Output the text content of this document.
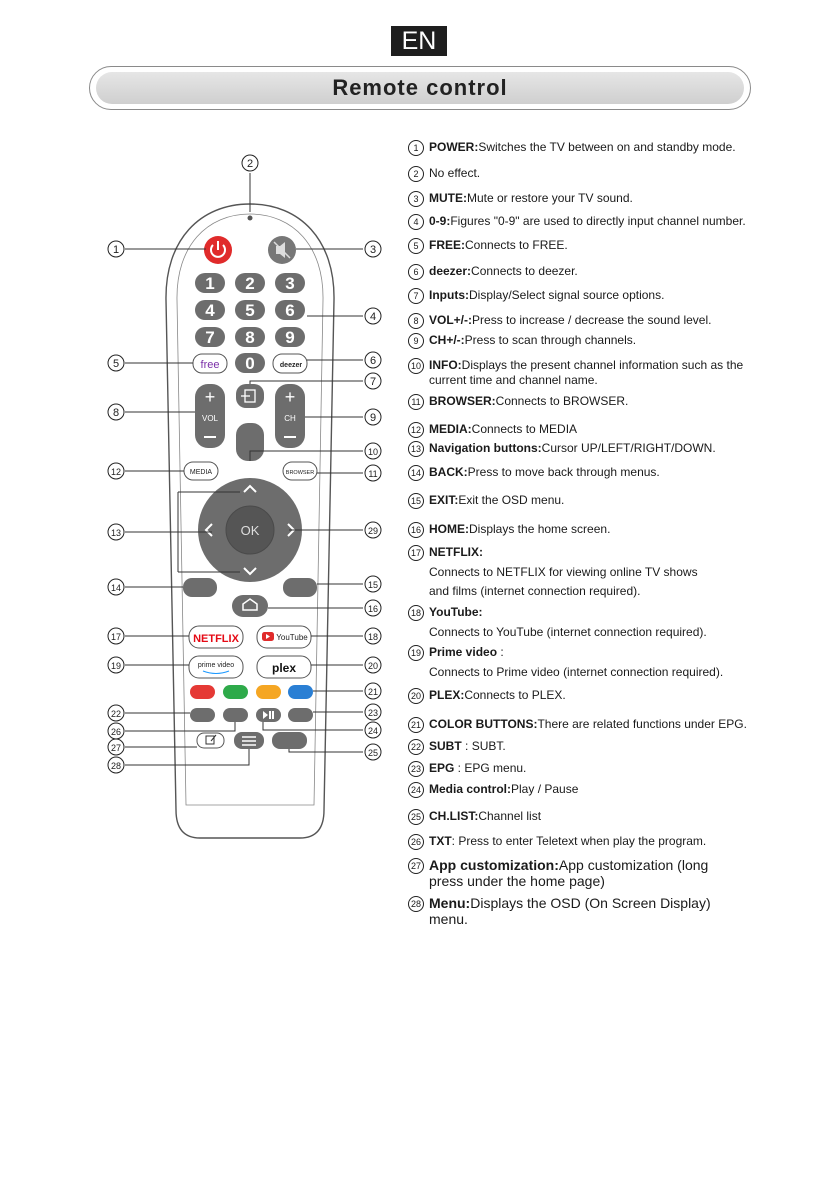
EN
Remote control
1 2 3
4 5 6
7 8 9
0
free	deezer
+
VOL
+
CH
MEDIA	BROWSER
OK
NETFLIX	YouTube
prime video	plex
1
2
3
4
5	6
7
8	9
10
11
12
13
14	15
16
17	18
19	20
21
22	23
24
25
26
27
28
29
1 POWER:Switches the TV between on and standby mode.
2 No effect.
3 MUTE:Mute or restore your TV sound.
4 0-9:Figures "0-9" are used to directly input channel number.
5 FREE:Connects to FREE.
6 deezer:Connects to deezer.
7 Inputs:Display/Select signal source options.
8 VOL+/-:Press to increase / decrease the sound level.
9 CH+/-:Press to scan through channels.
10 INFO:Displays the present channel information such as the
current time and channel name.
11 BROWSER:Connects to BROWSER.
12 MEDIA:Connects to MEDIA
13 Navigation buttons:Cursor UP/LEFT/RIGHT/DOWN.
14 BACK:Press to move back through menus.
15 EXIT:Exit the OSD menu.
16 HOME:Displays the home screen.
17 NETFLIX:
Connects to NETFLIX for viewing online TV shows
and films (internet connection required).
18 YouTube:
Connects to YouTube (internet connection required).
19 Prime video :
Connects to Prime video (internet connection required).
20 PLEX:Connects to PLEX.
21 COLOR BUTTONS:There are related functions under EPG.
22 SUBT : SUBT.
23 EPG : EPG menu.
24 Media control:Play / Pause
25 CH.LIST:Channel list
26 TXT: Press to enter Teletext when play the program.
27 App customization:App customization (long
press under the home page)
28 Menu:Displays the OSD (On Screen Display)
menu.
